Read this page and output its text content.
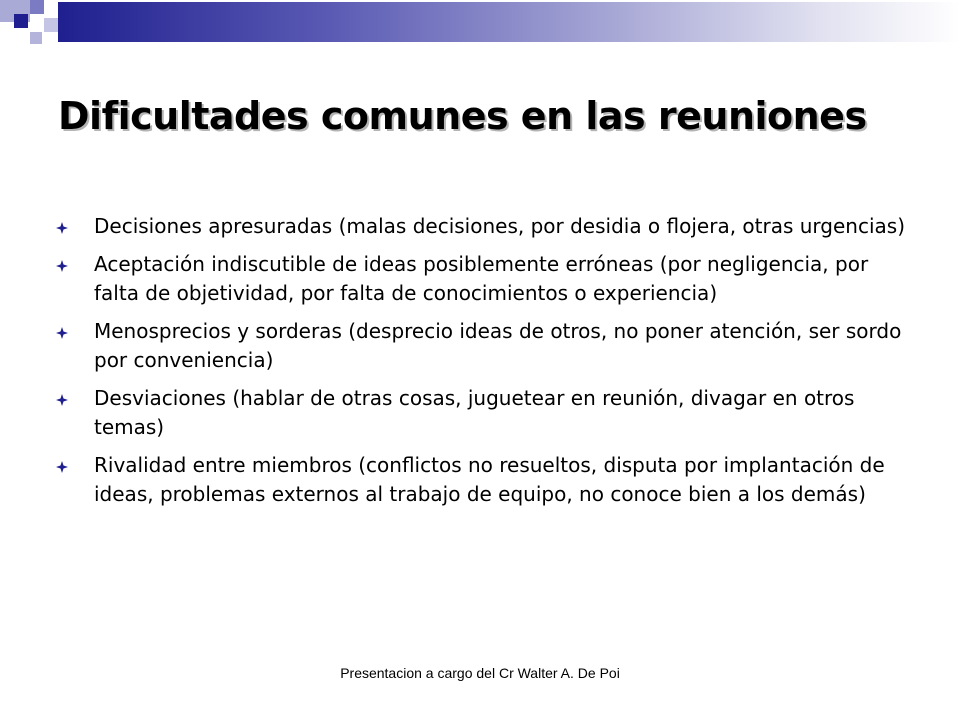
Dificultades comunes en las reuniones
Decisiones apresuradas (malas decisiones, por desidia o flojera, otras urgencias)
Aceptación indiscutible de ideas posiblemente erróneas (por negligencia, por falta de objetividad, por falta de conocimientos o experiencia)
Menosprecios y sorderas (desprecio ideas de otros, no poner atención, ser sordo por conveniencia)
Desviaciones (hablar de otras cosas, juguetear en reunión, divagar en otros temas)
Rivalidad entre miembros (conflictos no resueltos, disputa por implantación de ideas, problemas externos al trabajo de equipo, no conoce bien a los demás)
Presentacion a cargo del Cr Walter A. De Poi
